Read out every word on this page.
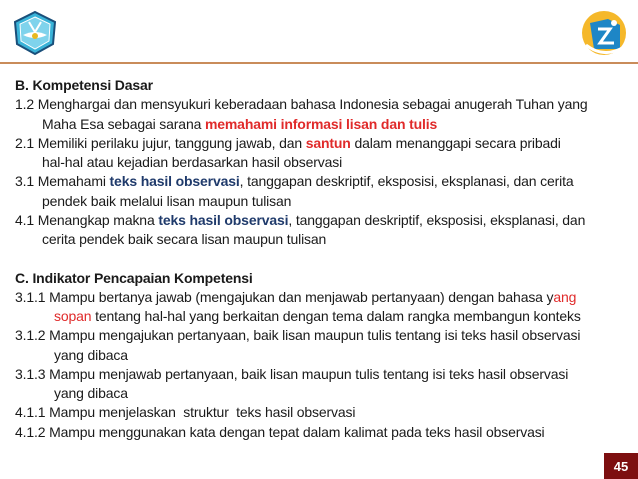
B. Kompetensi Dasar
1.2 Menghargai dan mensyukuri keberadaan bahasa Indonesia sebagai anugerah Tuhan yang
Maha Esa sebagai sarana memahami informasi lisan dan tulis
2.1 Memiliki perilaku jujur, tanggung jawab, dan santun dalam menanggapi secara pribadi
hal-hal atau kejadian berdasarkan hasil observasi
3.1 Memahami teks hasil observasi, tanggapan deskriptif, eksposisi, eksplanasi, dan cerita
pendek baik melalui lisan maupun tulisan
4.1 Menangkap makna teks hasil observasi, tanggapan deskriptif, eksposisi, eksplanasi, dan
cerita pendek baik secara lisan maupun tulisan
C. Indikator Pencapaian Kompetensi
3.1.1 Mampu bertanya jawab (mengajukan dan menjawab pertanyaan) dengan bahasa yang
sopan tentang hal-hal yang berkaitan dengan tema dalam rangka membangun konteks
3.1.2 Mampu mengajukan pertanyaan, baik lisan maupun tulis tentang isi teks hasil observasi
yang dibaca
3.1.3 Mampu menjawab pertanyaan, baik lisan maupun tulis tentang isi teks hasil observasi
yang dibaca
4.1.1 Mampu menjelaskan  struktur  teks hasil observasi
4.1.2 Mampu menggunakan kata dengan tepat dalam kalimat pada teks hasil observasi
45
